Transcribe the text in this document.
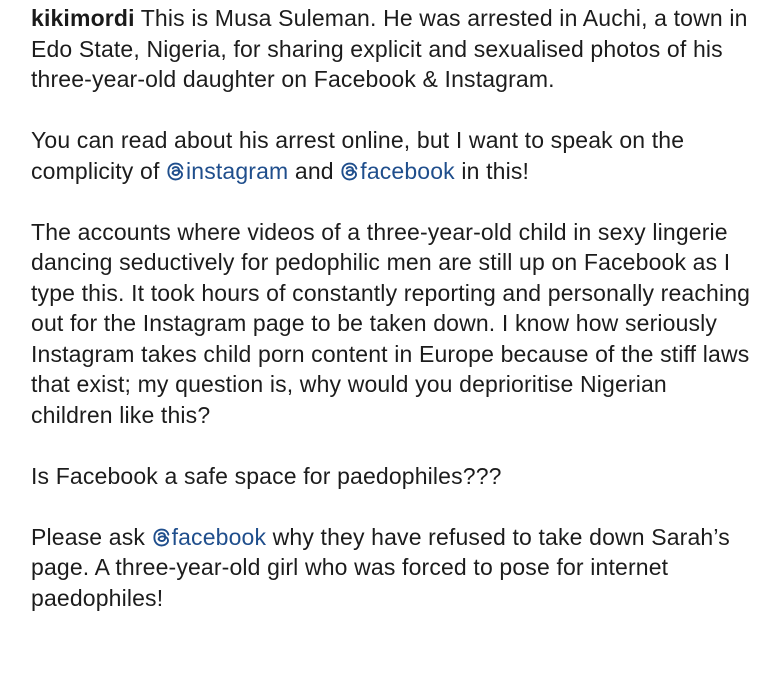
kikimordi This is Musa Suleman. He was arrested in Auchi, a town in Edo State, Nigeria, for sharing explicit and sexualised photos of his three-year-old daughter on Facebook & Instagram.

You can read about his arrest online, but I want to speak on the complicity of
instagram and
facebook in this!

The accounts where videos of a three-year-old child in sexy lingerie dancing seductively for pedophilic men are still up on Facebook as I type this. It took hours of constantly reporting and personally reaching out for the Instagram page to be taken down. I know how seriously Instagram takes child porn content in Europe because of the stiff laws that exist; my question is, why would you deprioritise Nigerian children like this?

Is Facebook a safe space for paedophiles???

Please ask
facebook why they have refused to take down Sarah’s page. A three-year-old girl who was forced to pose for internet paedophiles!
